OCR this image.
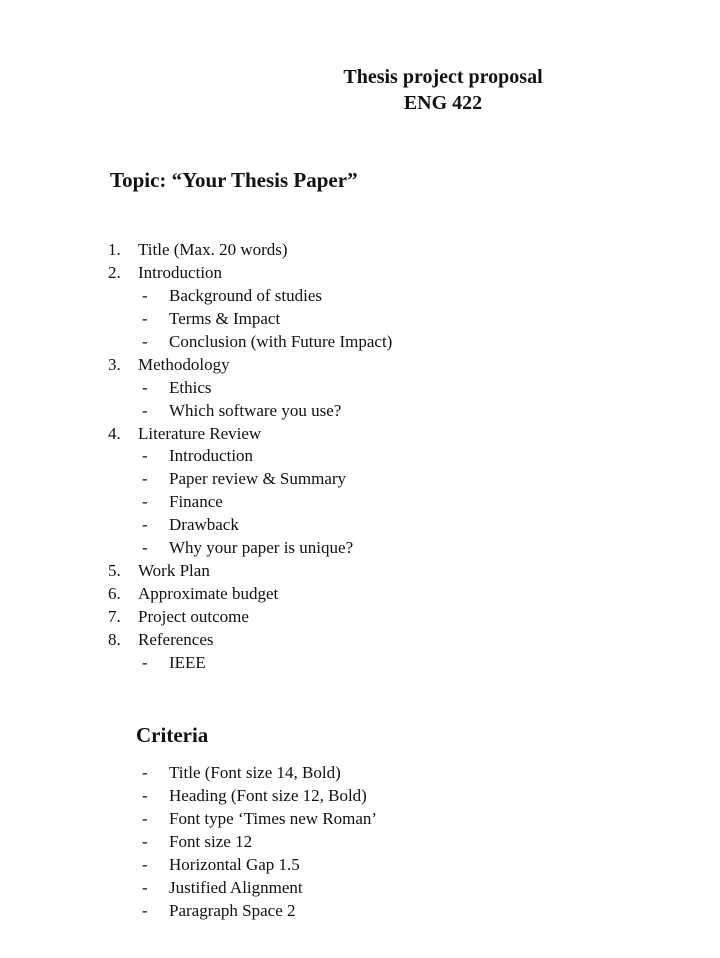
Thesis project proposal
ENG 422
Topic: “Your Thesis Paper”
1. Title (Max. 20 words)
2. Introduction
- Background of studies
- Terms & Impact
- Conclusion (with Future Impact)
3. Methodology
- Ethics
- Which software you use?
4. Literature Review
- Introduction
- Paper review & Summary
- Finance
- Drawback
- Why your paper is unique?
5. Work Plan
6. Approximate budget
7. Project outcome
8. References
- IEEE
Criteria
- Title (Font size 14, Bold)
- Heading (Font size 12, Bold)
- Font type ‘Times new Roman’
- Font size 12
- Horizontal Gap 1.5
- Justified Alignment
- Paragraph Space 2
